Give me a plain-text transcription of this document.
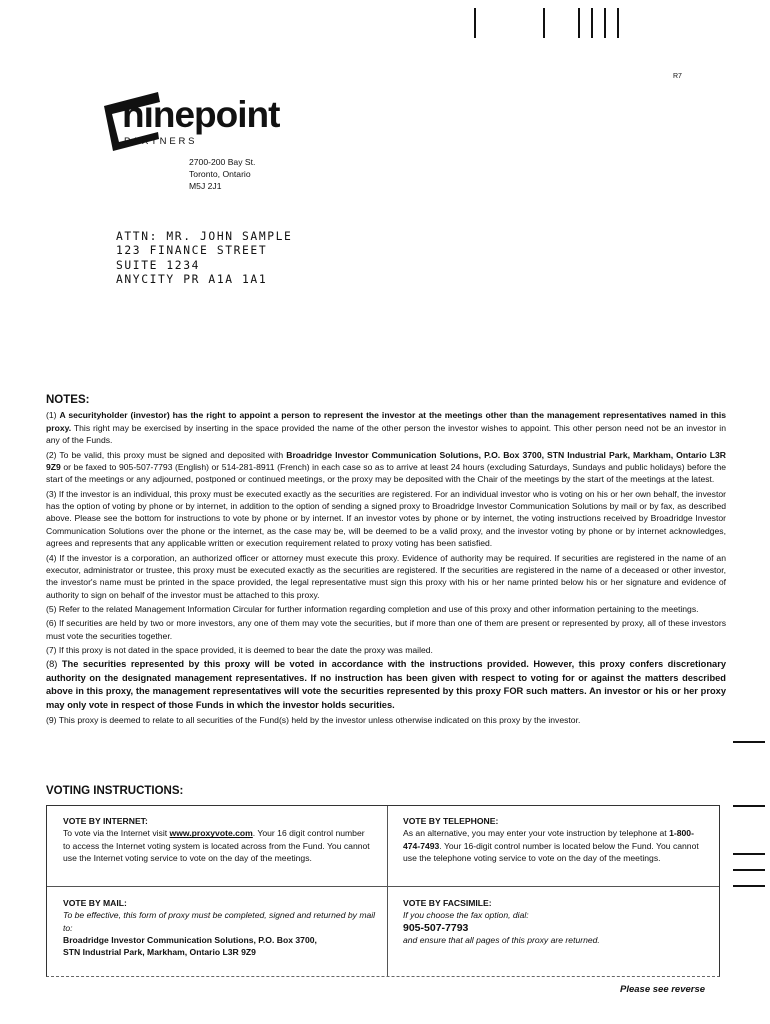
R7
ninepoint
PARTNERS
2700-200 Bay St.
Toronto, Ontario
M5J 2J1
ATTN: MR. JOHN SAMPLE
123 FINANCE STREET
SUITE 1234
ANYCITY PR A1A 1A1
NOTES:

(1) A securityholder (investor) has the right to appoint a person to represent the investor at the meetings other than the management representatives named in this proxy. This right may be exercised by inserting in the space provided the name of the other person the investor wishes to appoint. This other person need not be an investor in any of the Funds.

(2) To be valid, this proxy must be signed and deposited with Broadridge Investor Communication Solutions, P.O. Box 3700, STN Industrial Park, Markham, Ontario L3R 9Z9 or be faxed to 905-507-7793 (English) or 514-281-8911 (French) in each case so as to arrive at least 24 hours (excluding Saturdays, Sundays and public holidays) before the start of the meetings or any adjourned, postponed or continued meetings, or the proxy may be deposited with the Chair of the meetings by the start of the meetings at the latest.

(3) If the investor is an individual, this proxy must be executed exactly as the securities are registered. For an individual investor who is voting on his or her own behalf, the investor has the option of voting by phone or by internet, in addition to the option of sending a signed proxy to Broadridge Investor Communication Solutions by mail or by fax, as described above. Please see the bottom for instructions to vote by phone or by internet. If an investor votes by phone or by internet, the voting instructions received by Broadridge Investor Communication Solutions over the phone or the internet, as the case may be, will be deemed to be a valid proxy, and the investor voting by phone or by internet acknowledges, agrees and represents that any applicable written or execution requirement related to proxy voting has been satisfied.

(4) If the investor is a corporation, an authorized officer or attorney must execute this proxy. Evidence of authority may be required. If securities are registered in the name of an executor, administrator or trustee, this proxy must be executed exactly as the securities are registered. If the securities are registered in the name of a deceased or other investor, the investor's name must be printed in the space provided, the legal representative must sign this proxy with his or her name printed below his or her signature and evidence of authority to sign on behalf of the investor must be attached to this proxy.

(5) Refer to the related Management Information Circular for further information regarding completion and use of this proxy and other information pertaining to the meetings.

(6) If securities are held by two or more investors, any one of them may vote the securities, but if more than one of them are present or represented by proxy, all of these investors must vote the securities together.

(7) If this proxy is not dated in the space provided, it is deemed to bear the date the proxy was mailed.

(8) The securities represented by this proxy will be voted in accordance with the instructions provided. However, this proxy confers discretionary authority on the designated management representatives. If no instruction has been given with respect to voting for or against the matters described above in this proxy, the management representatives will vote the securities represented by this proxy FOR such matters. An investor or his or her proxy may only vote in respect of those Funds in which the investor holds securities.

(9) This proxy is deemed to relate to all securities of the Fund(s) held by the investor unless otherwise indicated on this proxy by the investor.

VOTING INSTRUCTIONS:
VOTE BY INTERNET:
To vote via the Internet visit www.proxyvote.com. Your 16 digit control number to access the Internet voting system is located across from the Fund. You cannot use the Internet voting service to vote on the day of the meetings.
VOTE BY TELEPHONE:
As an alternative, you may enter your vote instruction by telephone at 1-800-474-7493. Your 16-digit control number is located below the Fund. You cannot use the telephone voting service to vote on the day of the meetings.
VOTE BY MAIL:
To be effective, this form of proxy must be completed, signed and returned by mail to:
Broadridge Investor Communication Solutions, P.O. Box 3700,
STN Industrial Park, Markham, Ontario L3R 9Z9
VOTE BY FACSIMILE:
If you choose the fax option, dial:
905-507-7793
and ensure that all pages of this proxy are returned.
Please see reverse
